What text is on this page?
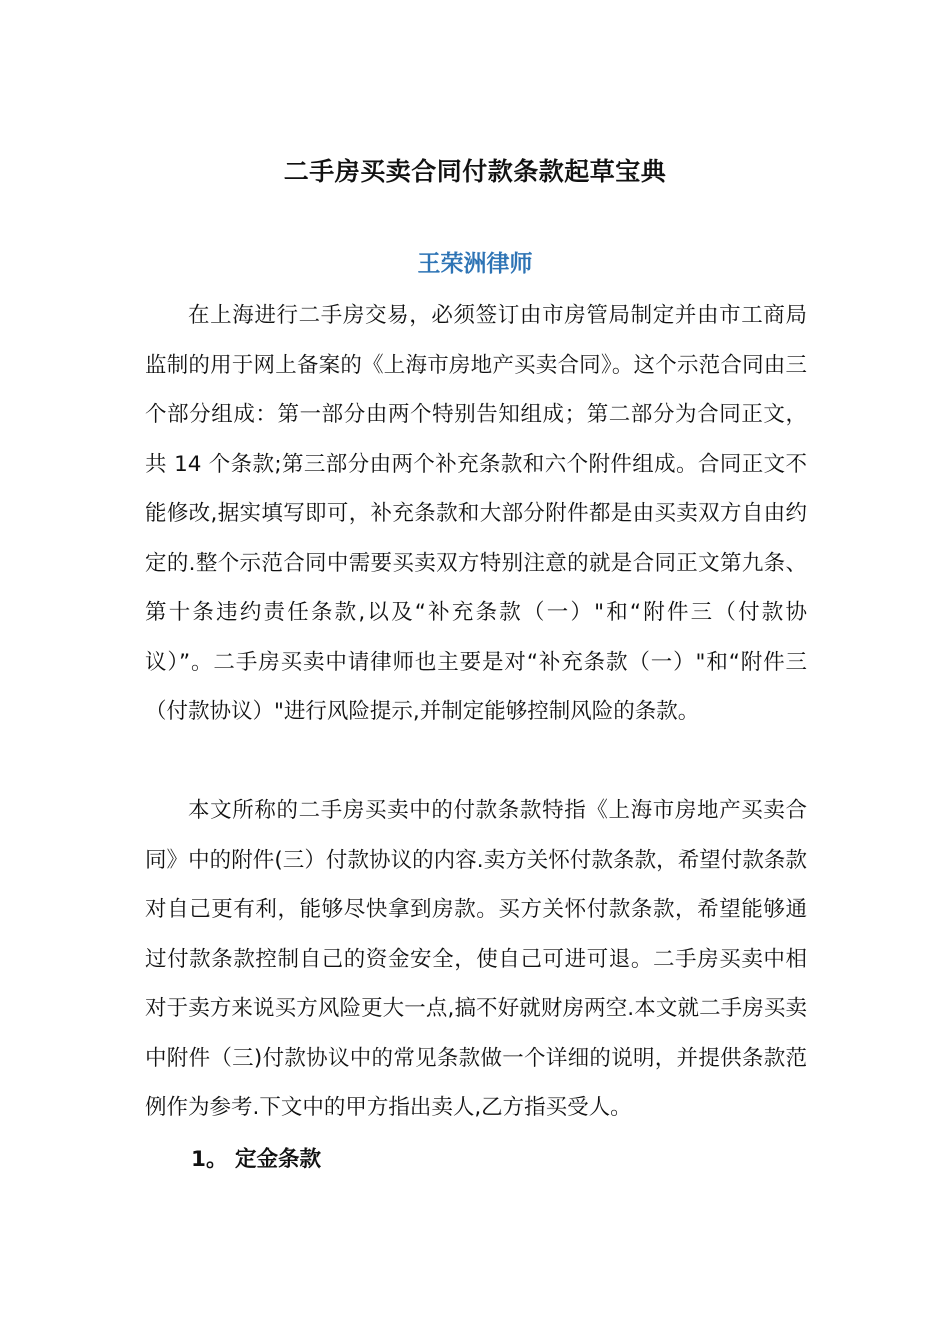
二手房买卖合同付款条款起草宝典
王荣洲律师

在上海进行二手房交易，必须签订由市房管局制定并由市工商局监制的用于网上备案的《上海市房地产买卖合同》。这个示范合同由三个部分组成：第一部分由两个特别告知组成；第二部分为合同正文，共 14 个条款;第三部分由两个补充条款和六个附件组成。合同正文不能修改,据实填写即可，补充条款和大部分附件都是由买卖双方自由约定的.整个示范合同中需要买卖双方特别注意的就是合同正文第九条、第十条违约责任条款,以及“补充条款（一）"和“附件三（付款协议）”。二手房买卖中请律师也主要是对“补充条款（一）"和“附件三（付款协议）"进行风险提示,并制定能够控制风险的条款。

本文所称的二手房买卖中的付款条款特指《上海市房地产买卖合同》中的附件(三）付款协议的内容.卖方关怀付款条款，希望付款条款对自己更有利，能够尽快拿到房款。买方关怀付款条款，希望能够通过付款条款控制自己的资金安全，使自己可进可退。二手房买卖中相对于卖方来说买方风险更大一点,搞不好就财房两空.本文就二手房买卖中附件（三)付款协议中的常见条款做一个详细的说明，并提供条款范例作为参考.下文中的甲方指出卖人,乙方指买受人。

1。 定金条款
